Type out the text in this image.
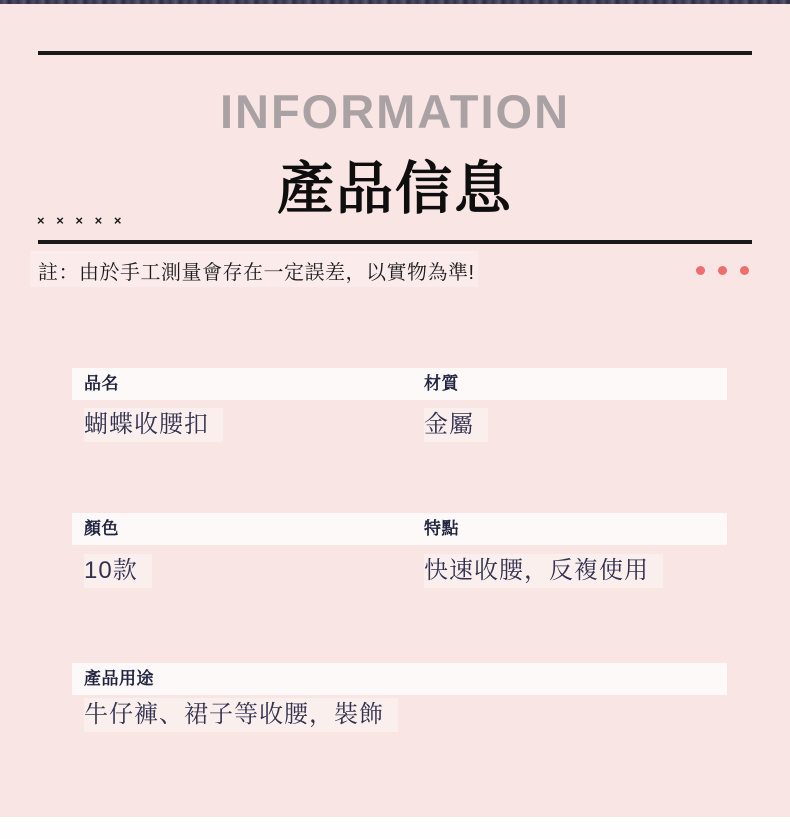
INFORMATION
產品信息
× × × × ×
註：由於手工測量會存在一定誤差，以實物為準!
品名	材質
蝴蝶收腰扣	金屬
顏色	特點
10款	快速收腰，反複使用
產品用途
牛仔褲、裙子等收腰，裝飾
